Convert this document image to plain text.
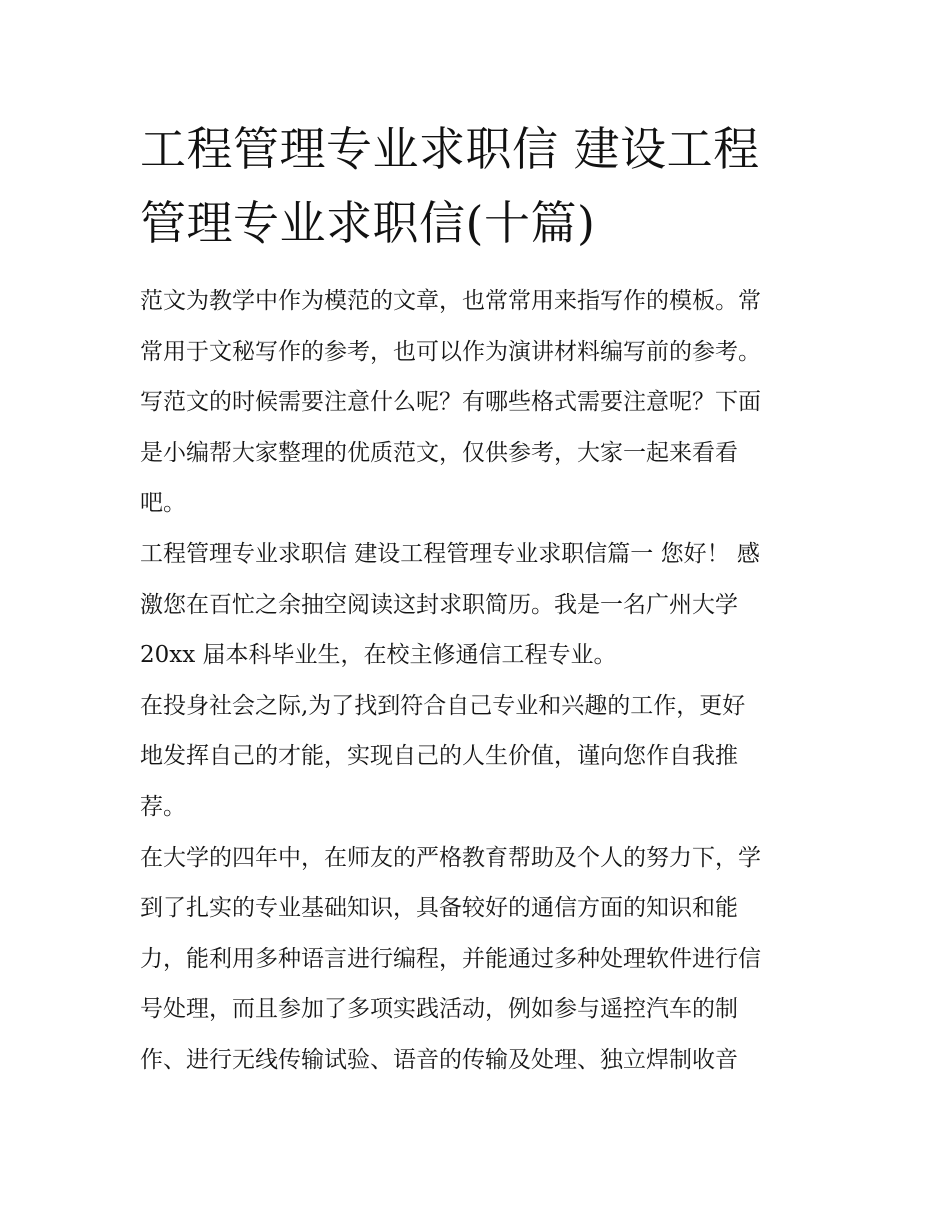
工程管理专业求职信 建设工程
管理专业求职信(十篇)
范文为教学中作为模范的文章，也常常用来指写作的模板。常
常用于文秘写作的参考，也可以作为演讲材料编写前的参考。
写范文的时候需要注意什么呢？有哪些格式需要注意呢？下面
是小编帮大家整理的优质范文，仅供参考，大家一起来看看
吧。
工程管理专业求职信 建设工程管理专业求职信篇一 您好！ 感
激您在百忙之余抽空阅读这封求职简历。我是一名广州大学
20xx 届本科毕业生，在校主修通信工程专业。
在投身社会之际,为了找到符合自己专业和兴趣的工作，更好
地发挥自己的才能，实现自己的人生价值，谨向您作自我推
荐。
在大学的四年中，在师友的严格教育帮助及个人的努力下，学
到了扎实的专业基础知识，具备较好的通信方面的知识和能
力，能利用多种语言进行编程，并能通过多种处理软件进行信
号处理，而且参加了多项实践活动，例如参与遥控汽车的制
作、进行无线传输试验、语音的传输及处理、独立焊制收音
